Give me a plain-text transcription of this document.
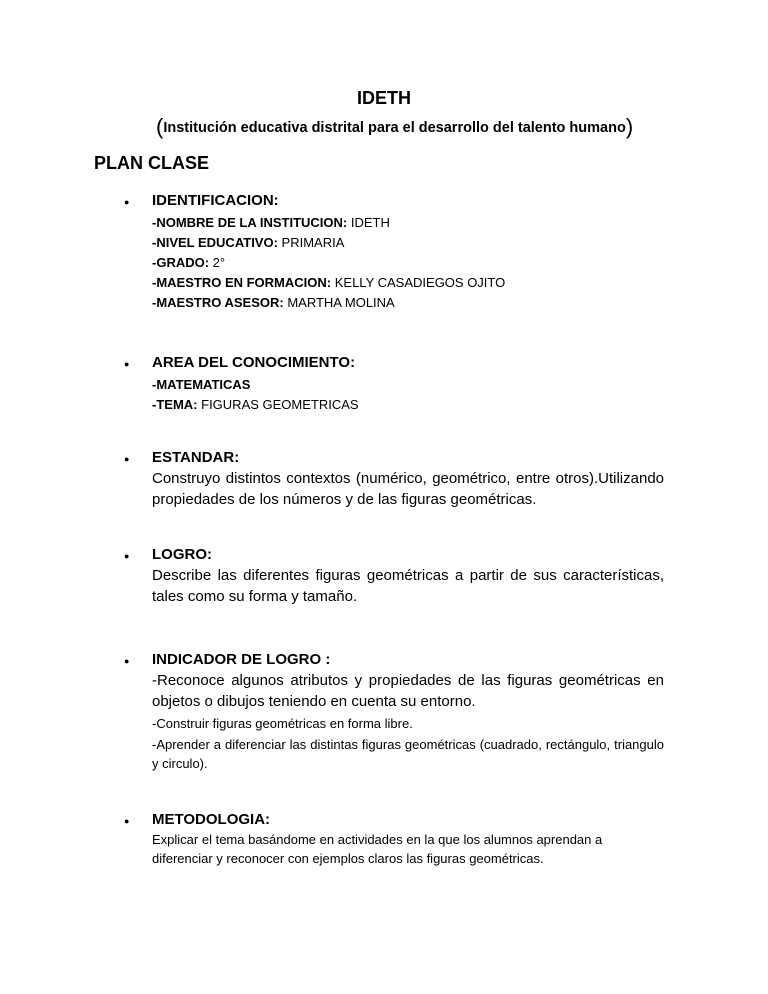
IDETH
(Institución educativa distrital para el desarrollo del talento humano)
PLAN CLASE
●
IDENTIFICACION:
-NOMBRE DE LA INSTITUCION: IDETH
-NIVEL EDUCATIVO: PRIMARIA
-GRADO: 2°
-MAESTRO EN FORMACION: KELLY CASADIEGOS OJITO
-MAESTRO ASESOR: MARTHA MOLINA
●
AREA DEL CONOCIMIENTO:
-MATEMATICAS
-TEMA: FIGURAS GEOMETRICAS
●
ESTANDAR:
Construyo distintos contextos (numérico, geométrico, entre otros).Utilizando propiedades de los números y de las figuras geométricas.
●
LOGRO:
Describe las diferentes figuras geométricas a partir de sus características, tales como su forma y tamaño.
●
INDICADOR DE LOGRO :
-Reconoce algunos atributos y propiedades de las figuras geométricas en objetos o dibujos teniendo en cuenta su entorno.
-Construir figuras geométricas en forma libre.
-Aprender a diferenciar las distintas figuras geométricas (cuadrado, rectángulo, triangulo y circulo).
●
METODOLOGIA:
Explicar el tema basándome en actividades en la que los alumnos aprendan a diferenciar y reconocer con ejemplos claros las figuras geométricas.
